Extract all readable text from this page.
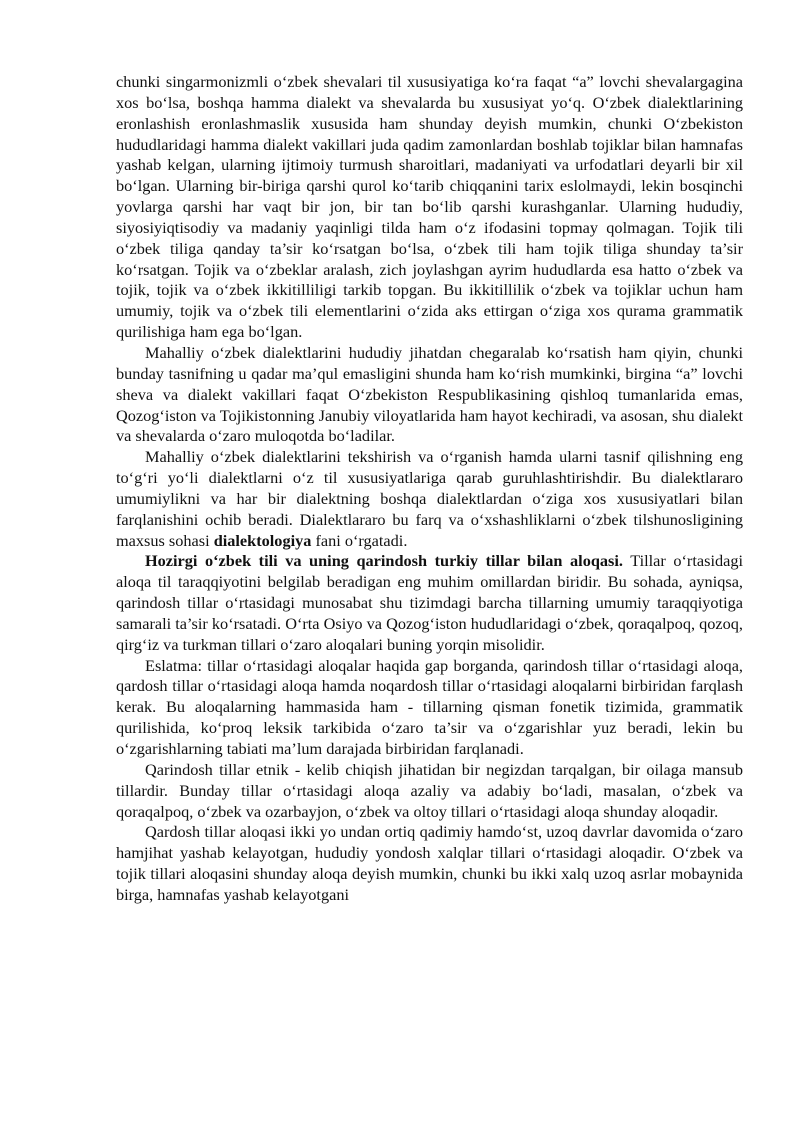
chunki singarmonizmli o‘zbek shevalari til xususiyatiga ko‘ra faqat “a” lovchi shevalargagina xos bo‘lsa, boshqa hamma dialekt va shevalarda bu xususiyat yo‘q. O‘zbek dialektlarining eronlashish eronlashmaslik xususida ham shunday deyish mumkin, chunki O‘zbekiston hududlaridagi hamma dialekt vakillari juda qadim zamonlardan boshlab tojiklar bilan hamnafas yashab kelgan, ularning ijtimoiy turmush sharoitlari, madaniyati va urfodatlari deyarli bir xil bo‘lgan. Ularning bir-biriga qarshi qurol ko‘tarib chiqqanini tarix eslolmaydi, lekin bosqinchi yovlarga qarshi har vaqt bir jon, bir tan bo‘lib qarshi kurashganlar. Ularning hududiy, siyosiyiqtisodiy va madaniy yaqinligi tilda ham o‘z ifodasini topmay qolmagan. Tojik tili o‘zbek tiliga qanday ta’sir ko‘rsatgan bo‘lsa, o‘zbek tili ham tojik tiliga shunday ta’sir ko‘rsatgan. Tojik va o‘zbeklar aralash, zich joylashgan ayrim hududlarda esa hatto o‘zbek va tojik, tojik va o‘zbek ikkitilliligi tarkib topgan. Bu ikkitillilik o‘zbek va tojiklar uchun ham umumiy, tojik va o‘zbek tili elementlarini o‘zida aks ettirgan o‘ziga xos qurama grammatik qurilishiga ham ega bo‘lgan.

Mahalliy o‘zbek dialektlarini hududiy jihatdan chegaralab ko‘rsatish ham qiyin, chunki bunday tasnifning u qadar ma’qul emasligini shunda ham ko‘rish mumkinki, birgina “a” lovchi sheva va dialekt vakillari faqat O‘zbekiston Respublikasining qishloq tumanlarida emas, Qozog‘iston va Tojikistonning Janubiy viloyatlarida ham hayot kechiradi, va asosan, shu dialekt va shevalarda o‘zaro muloqotda bo‘ladilar.

Mahalliy o‘zbek dialektlarini tekshirish va o‘rganish hamda ularni tasnif qilishning eng to‘g‘ri yo‘li dialektlarni o‘z til xususiyatlariga qarab guruhlashtirishdir. Bu dialektlararo umumiylikni va har bir dialektning boshqa dialektlardan o‘ziga xos xususiyatlari bilan farqlanishini ochib beradi. Dialektlararo bu farq va o‘xshashliklarni o‘zbek tilshunosligining maxsus sohasi dialektologiya fani o‘rgatadi.

Hozirgi o‘zbek tili va uning qarindosh turkiy tillar bilan aloqasi. Tillar o‘rtasidagi aloqa til taraqqiyotini belgilab beradigan eng muhim omillardan biridir. Bu sohada, ayniqsa, qarindosh tillar o‘rtasidagi munosabat shu tizimdagi barcha tillarning umumiy taraqqiyotiga samarali ta’sir ko‘rsatadi. O‘rta Osiyo va Qozog‘iston hududlaridagi o‘zbek, qoraqalpoq, qozoq, qirg‘iz va turkman tillari o‘zaro aloqalari buning yorqin misolidir.

Eslatma: tillar o‘rtasidagi aloqalar haqida gap borganda, qarindosh tillar o‘rtasidagi aloqa, qardosh tillar o‘rtasidagi aloqa hamda noqardosh tillar o‘rtasidagi aloqalarni birbiridan farqlash kerak. Bu aloqalarning hammasida ham - tillarning qisman fonetik tizimida, grammatik qurilishida, ko‘proq leksik tarkibida o‘zaro ta’sir va o‘zgarishlar yuz beradi, lekin bu o‘zgarishlarning tabiati ma’lum darajada birbiridan farqlanadi.

Qarindosh tillar etnik - kelib chiqish jihatidan bir negizdan tarqalgan, bir oilaga mansub tillardir. Bunday tillar o‘rtasidagi aloqa azaliy va adabiy bo‘ladi, masalan, o‘zbek va qoraqalpoq, o‘zbek va ozarbayjon, o‘zbek va oltoy tillari o‘rtasidagi aloqa shunday aloqadir.

Qardosh tillar aloqasi ikki yo undan ortiq qadimiy hamdo‘st, uzoq davrlar davomida o‘zaro hamjihat yashab kelayotgan, hududiy yondosh xalqlar tillari o‘rtasidagi aloqadir. O‘zbek va tojik tillari aloqasini shunday aloqa deyish mumkin, chunki bu ikki xalq uzoq asrlar mobaynida birga, hamnafas yashab kelayotgani
